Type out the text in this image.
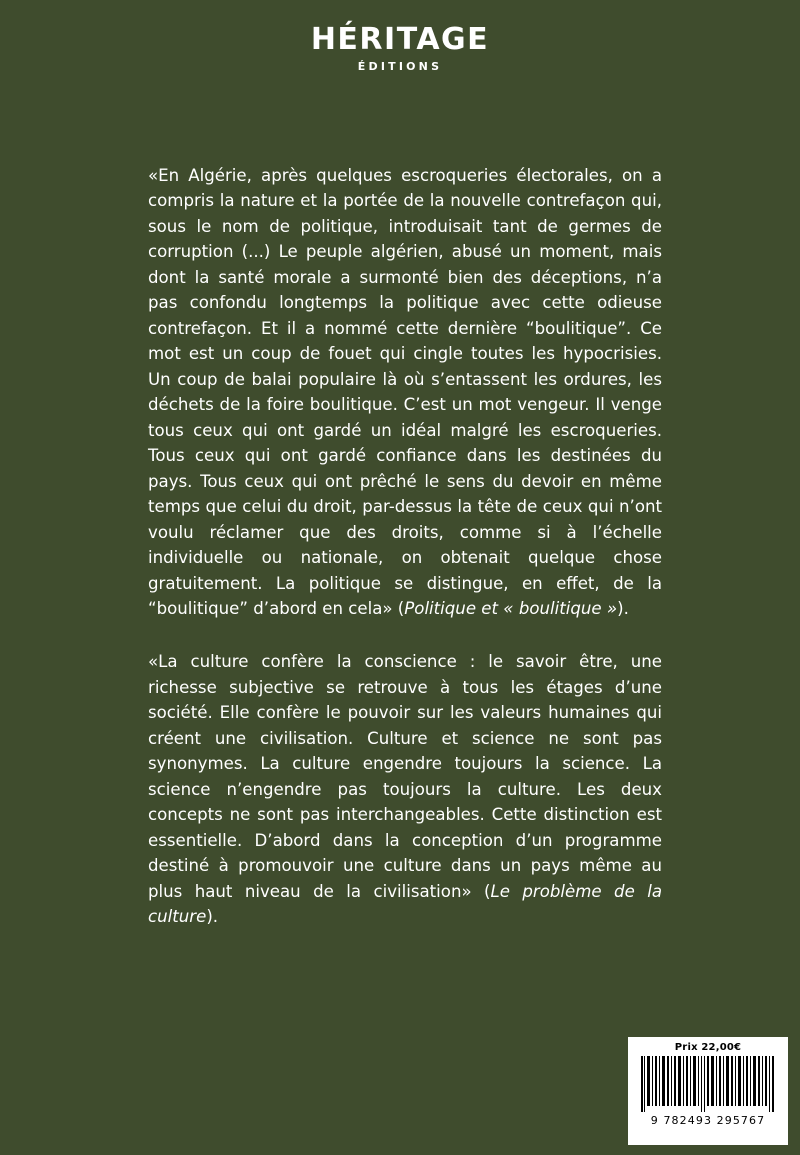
HÉRITAGE
ÉDITIONS

«En Algérie, après quelques escroqueries électorales, on a compris la nature et la portée de la nouvelle contrefaçon qui, sous le nom de politique, introduisait tant de germes de corruption (...) Le peuple algérien, abusé un moment, mais dont la santé morale a surmonté bien des déceptions, n’a pas confondu longtemps la politique avec cette odieuse contrefaçon. Et il a nommé cette dernière “boulitique”. Ce mot est un coup de fouet qui cingle toutes les hypocrisies. Un coup de balai populaire là où s’entassent les ordures, les déchets de la foire boulitique. C’est un mot vengeur. Il venge tous ceux qui ont gardé un idéal malgré les escroqueries. Tous ceux qui ont gardé confiance dans les destinées du pays. Tous ceux qui ont prêché le sens du devoir en même temps que celui du droit, par-dessus la tête de ceux qui n’ont voulu réclamer que des droits, comme si à l’échelle individuelle ou nationale, on obtenait quelque chose gratuitement. La politique se distingue, en effet, de la “boulitique” d’abord en cela» (Politique et « boulitique »).

«La culture confère la conscience : le savoir être, une richesse subjective se retrouve à tous les étages d’une société. Elle confère le pouvoir sur les valeurs humaines qui créent une civilisation. Culture et science ne sont pas synonymes. La culture engendre toujours la science. La science n’engendre pas toujours la culture. Les deux concepts ne sont pas interchangeables. Cette distinction est essentielle. D’abord dans la conception d’un programme destiné à promouvoir une culture dans un pays même au plus haut niveau de la civilisation» (Le problème de la culture).

Prix 22,00€
9 782493 295767
